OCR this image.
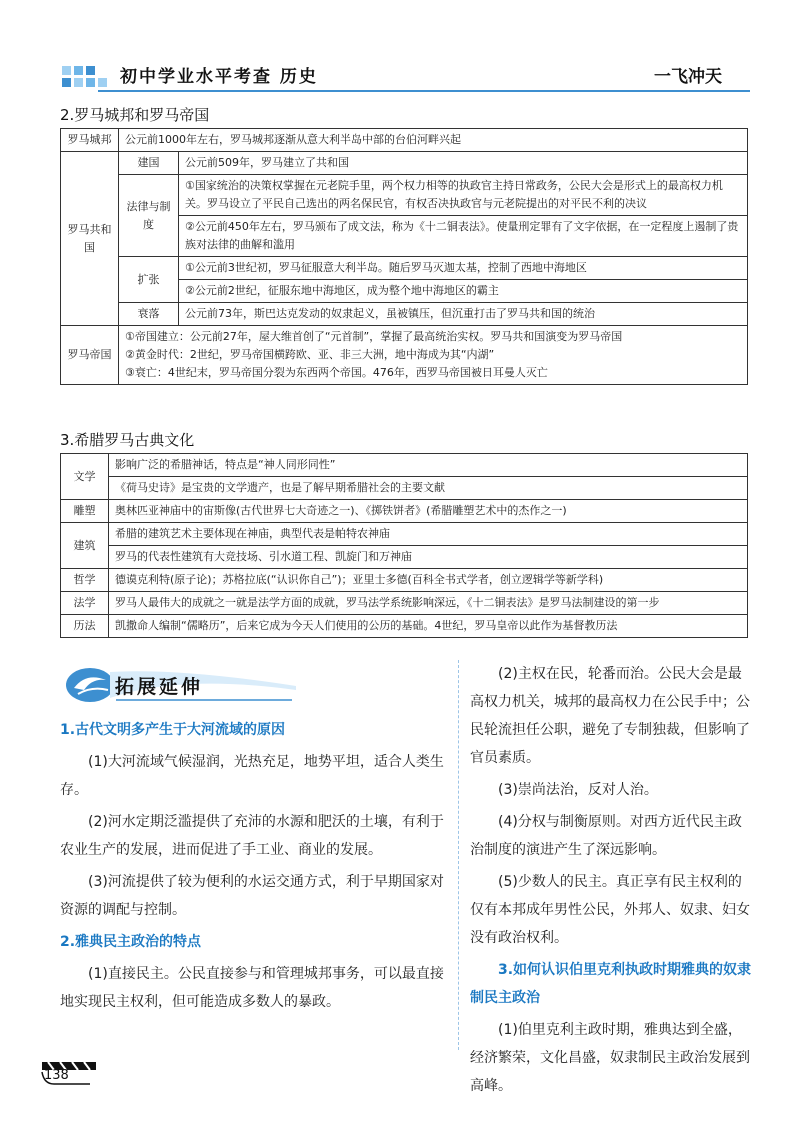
初中学业水平考查 历史	一飞冲天
2.罗马城邦和罗马帝国
罗马城邦	公元前1000年左右，罗马城邦逐渐从意大利半岛中部的台伯河畔兴起	
罗马共和国	建国	公元前509年，罗马建立了共和国
	法律与制度	①国家统治的决策权掌握在元老院手里，两个权力相等的执政官主持日常政务，公民大会是形式上的最高权力机关。罗马设立了平民自己选出的两名保民官，有权否决执政官与元老院提出的对平民不利的决议
		②公元前450年左右，罗马颁布了成文法，称为《十二铜表法》。使量刑定罪有了文字依据，在一定程度上遏制了贵族对法律的曲解和滥用
	扩张	①公元前3世纪初，罗马征服意大利半岛。随后罗马灭迦太基，控制了西地中海地区
		②公元前2世纪，征服东地中海地区，成为整个地中海地区的霸主
	衰落	公元前73年，斯巴达克发动的奴隶起义，虽被镇压，但沉重打击了罗马共和国的统治
罗马帝国	①帝国建立：公元前27年，屋大维首创了“元首制”，掌握了最高统治实权。罗马共和国演变为罗马帝国
②黄金时代：2世纪，罗马帝国横跨欧、亚、非三大洲，地中海成为其“内湖”
③衰亡：4世纪末，罗马帝国分裂为东西两个帝国。476年，西罗马帝国被日耳曼人灭亡	
3.希腊罗马古典文化
文学	影响广泛的希腊神话，特点是“神人同形同性”
	《荷马史诗》是宝贵的文学遗产，也是了解早期希腊社会的主要文献
雕塑	奥林匹亚神庙中的宙斯像(古代世界七大奇迹之一)、《掷铁饼者》(希腊雕塑艺术中的杰作之一)
建筑	希腊的建筑艺术主要体现在神庙，典型代表是帕特农神庙
	罗马的代表性建筑有大竞技场、引水道工程、凯旋门和万神庙
哲学	德谟克利特(原子论)；苏格拉底(“认识你自己”)；亚里士多德(百科全书式学者，创立逻辑学等新学科)
法学	罗马人最伟大的成就之一就是法学方面的成就，罗马法学系统影响深远，《十二铜表法》是罗马法制建设的第一步
历法	凯撒命人编制“儒略历”，后来它成为今天人们使用的公历的基础。4世纪，罗马皇帝以此作为基督教历法
拓展延伸
1.古代文明多产生于大河流域的原因

(1)大河流域气候湿润，光热充足，地势平坦，适合人类生存。

(2)河水定期泛滥提供了充沛的水源和肥沃的土壤，有利于农业生产的发展，进而促进了手工业、商业的发展。

(3)河流提供了较为便利的水运交通方式，利于早期国家对资源的调配与控制。

2.雅典民主政治的特点

(1)直接民主。公民直接参与和管理城邦事务，可以最直接地实现民主权利，但可能造成多数人的暴政。

(2)主权在民，轮番而治。公民大会是最高权力机关，城邦的最高权力在公民手中；公民轮流担任公职，避免了专制独裁，但影响了官员素质。

(3)崇尚法治，反对人治。

(4)分权与制衡原则。对西方近代民主政治制度的演进产生了深远影响。

(5)少数人的民主。真正享有民主权利的仅有本邦成年男性公民，外邦人、奴隶、妇女没有政治权利。

3.如何认识伯里克利执政时期雅典的奴隶制民主政治

(1)伯里克利主政时期，雅典达到全盛，经济繁荣，文化昌盛，奴隶制民主政治发展到高峰。

138
